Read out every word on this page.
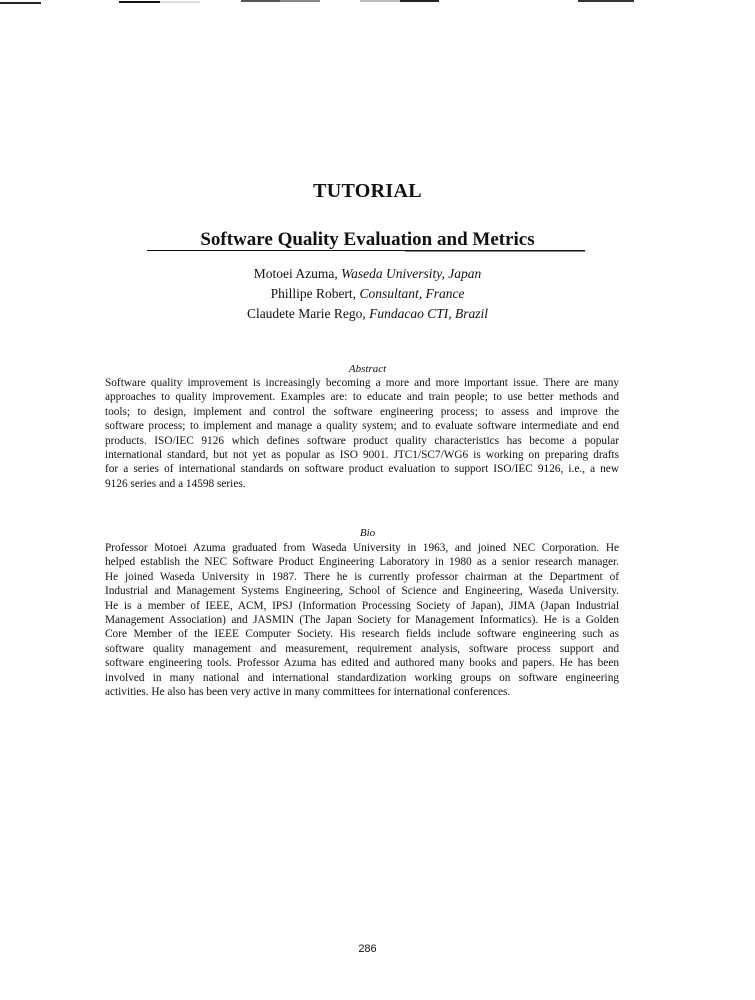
TUTORIAL
Software Quality Evaluation and Metrics
Motoei Azuma, Waseda University, Japan
Phillipe Robert, Consultant, France
Claudete Marie Rego, Fundacao CTI, Brazil
Abstract
Software quality improvement is increasingly becoming a more and more important issue. There are many
approaches to quality improvement. Examples are: to educate and train people; to use better methods and
tools; to design, implement and control the software engineering process; to assess and improve the
software process; to implement and manage a quality system; and to evaluate software intermediate and end
products. ISO/IEC 9126 which defines software product quality characteristics has become a popular
international standard, but not yet as popular as ISO 9001. JTC1/SC7/WG6 is working on preparing drafts
for a series of international standards on software product evaluation to support ISO/IEC 9126, i.e., a new
9126 series and a 14598 series.
Bio
Professor Motoei Azuma graduated from Waseda University in 1963, and joined NEC Corporation. He
helped establish the NEC Software Product Engineering Laboratory in 1980 as a senior research manager.
He joined Waseda University in 1987. There he is currently professor chairman at the Department of
Industrial and Management Systems Engineering, School of Science and Engineering, Waseda University.
He is a member of IEEE, ACM, IPSJ (Information Processing Society of Japan), JIMA (Japan Industrial
Management Association) and JASMIN (The Japan Society for Management Informatics). He is a Golden
Core Member of the IEEE Computer Society. His research fields include software engineering such as
software quality management and measurement, requirement analysis, software process support and
software engineering tools. Professor Azuma has edited and authored many books and papers. He has been
involved in many national and international standardization working groups on software engineering
activities. He also has been very active in many committees for international conferences.
286
